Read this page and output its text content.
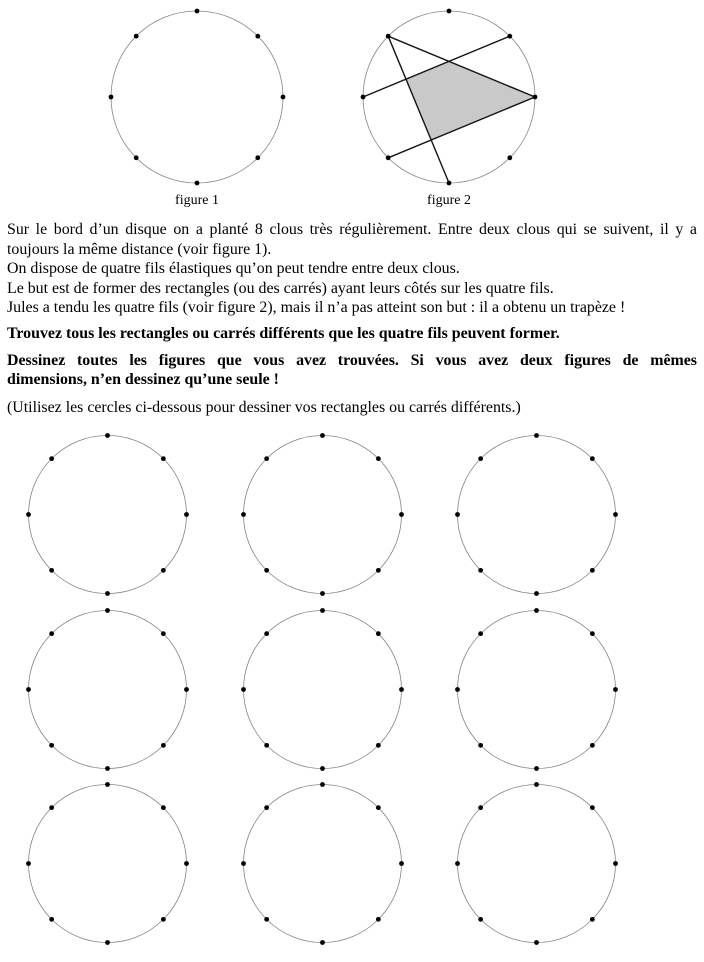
figure 1	figure 2
Sur le bord d’un disque on a planté 8 clous très régulièrement. Entre deux clous qui se suivent, il y a
toujours la même distance (voir figure 1).
On dispose de quatre fils élastiques qu’on peut tendre entre deux clous.
Le but est de former des rectangles (ou des carrés) ayant leurs côtés sur les quatre fils.
Jules a tendu les quatre fils (voir figure 2), mais il n’a pas atteint son but : il a obtenu un trapèze !
Trouvez tous les rectangles ou carrés différents que les quatre fils peuvent former.
Dessinez toutes les figures que vous avez trouvées. Si vous avez deux figures de mêmes
dimensions, n’en dessinez qu’une seule !
(Utilisez les cercles ci-dessous pour dessiner vos rectangles ou carrés différents.)
